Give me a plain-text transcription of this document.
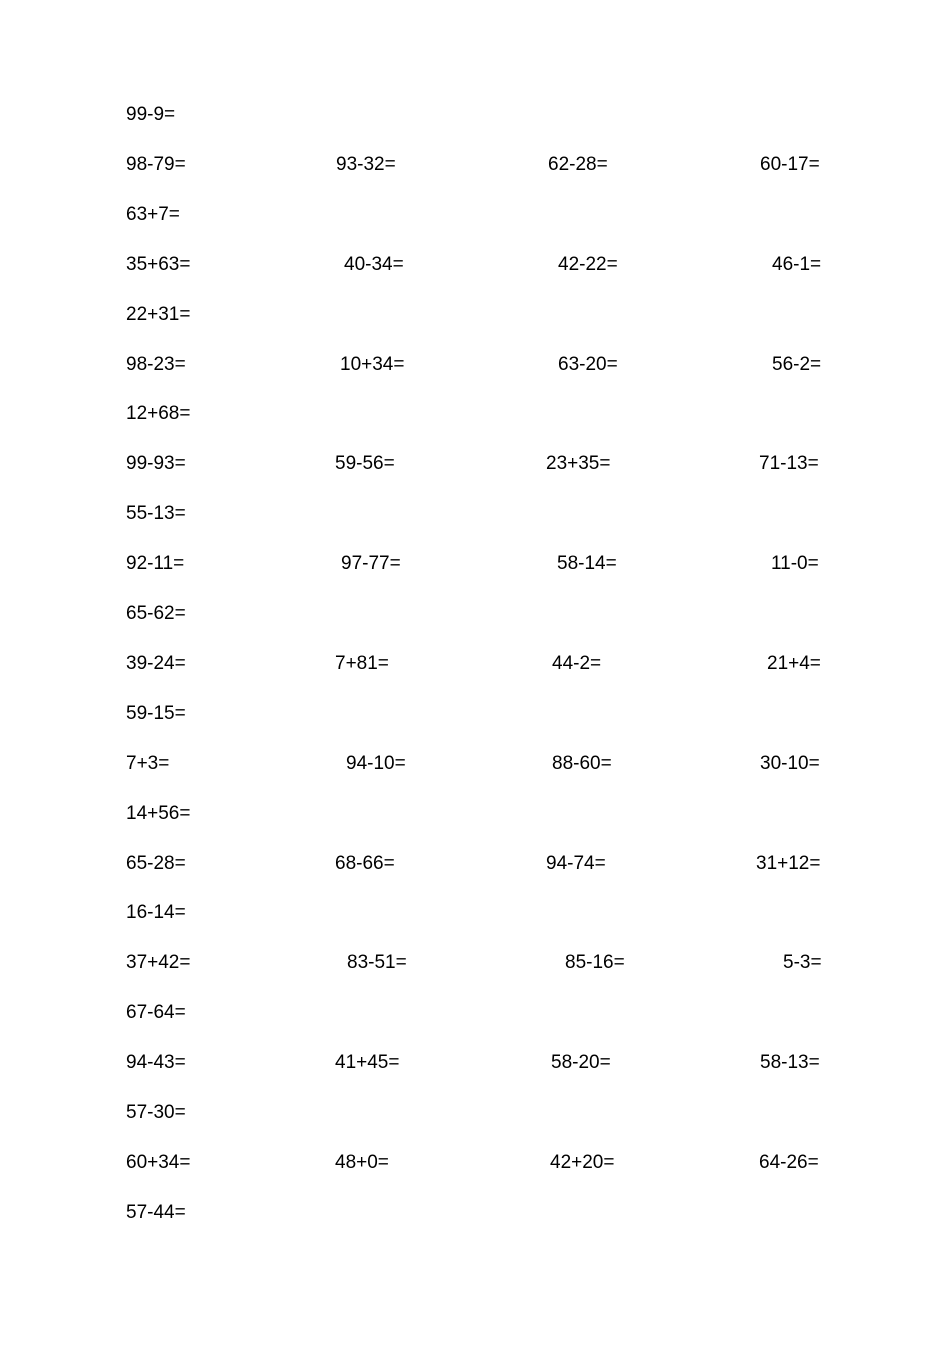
99-9=
98-79=	93-32=	62-28=	60-17=
63+7=
35+63=	40-34=	42-22=	46-1=
22+31=
98-23=	10+34=	63-20=	56-2=
12+68=
99-93=	59-56=	23+35=	71-13=
55-13=
92-11=	97-77=	58-14=	11-0=
65-62=
39-24=	7+81=	44-2=	21+4=
59-15=
7+3=	94-10=	88-60=	30-10=
14+56=
65-28=	68-66=	94-74=	31+12=
16-14=
37+42=	83-51=	85-16=	5-3=
67-64=
94-43=	41+45=	58-20=	58-13=
57-30=
60+34=	48+0=	42+20=	64-26=
57-44=
